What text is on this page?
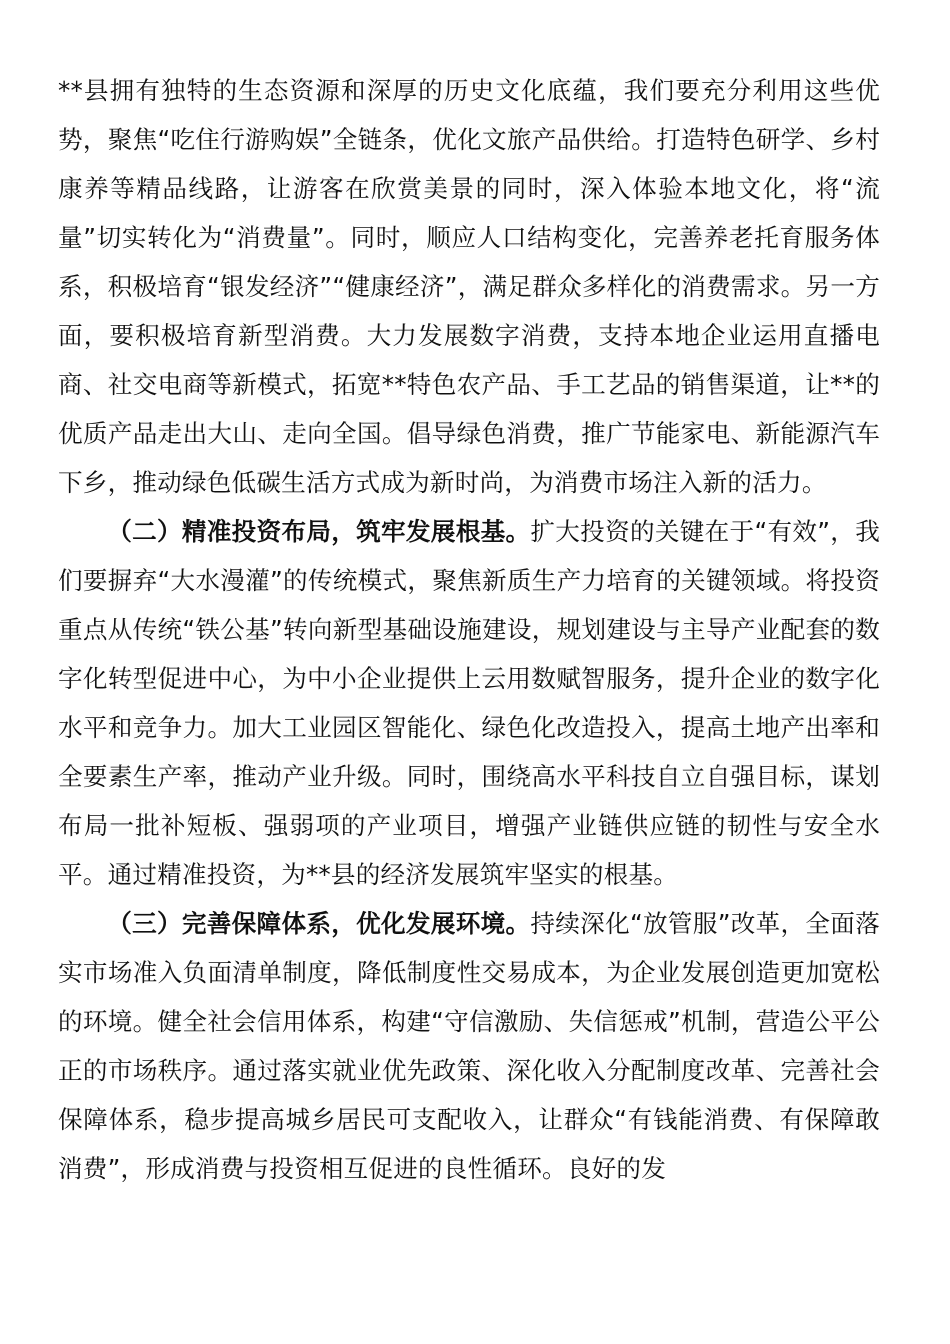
**县拥有独特的生态资源和深厚的历史文化底蕴，我们要充分利用这些优势，聚焦“吃住行游购娱”全链条，优化文旅产品供给。打造特色研学、乡村康养等精品线路，让游客在欣赏美景的同时，深入体验本地文化，将“流量”切实转化为“消费量”。同时，顺应人口结构变化，完善养老托育服务体系，积极培育“银发经济”“健康经济”，满足群众多样化的消费需求。另一方面，要积极培育新型消费。大力发展数字消费，支持本地企业运用直播电商、社交电商等新模式，拓宽**特色农产品、手工艺品的销售渠道，让**的优质产品走出大山、走向全国。倡导绿色消费，推广节能家电、新能源汽车下乡，推动绿色低碳生活方式成为新时尚，为消费市场注入新的活力。

（二）精准投资布局，筑牢发展根基。扩大投资的关键在于“有效”，我们要摒弃“大水漫灌”的传统模式，聚焦新质生产力培育的关键领域。将投资重点从传统“铁公基”转向新型基础设施建设，规划建设与主导产业配套的数字化转型促进中心，为中小企业提供上云用数赋智服务，提升企业的数字化水平和竞争力。加大工业园区智能化、绿色化改造投入，提高土地产出率和全要素生产率，推动产业升级。同时，围绕高水平科技自立自强目标，谋划布局一批补短板、强弱项的产业项目，增强产业链供应链的韧性与安全水平。通过精准投资，为**县的经济发展筑牢坚实的根基。

（三）完善保障体系，优化发展环境。持续深化“放管服”改革，全面落实市场准入负面清单制度，降低制度性交易成本，为企业发展创造更加宽松的环境。健全社会信用体系，构建“守信激励、失信惩戒”机制，营造公平公正的市场秩序。通过落实就业优先政策、深化收入分配制度改革、完善社会保障体系，稳步提高城乡居民可支配收入，让群众“有钱能消费、有保障敢消费”，形成消费与投资相互促进的良性循环。良好的发
